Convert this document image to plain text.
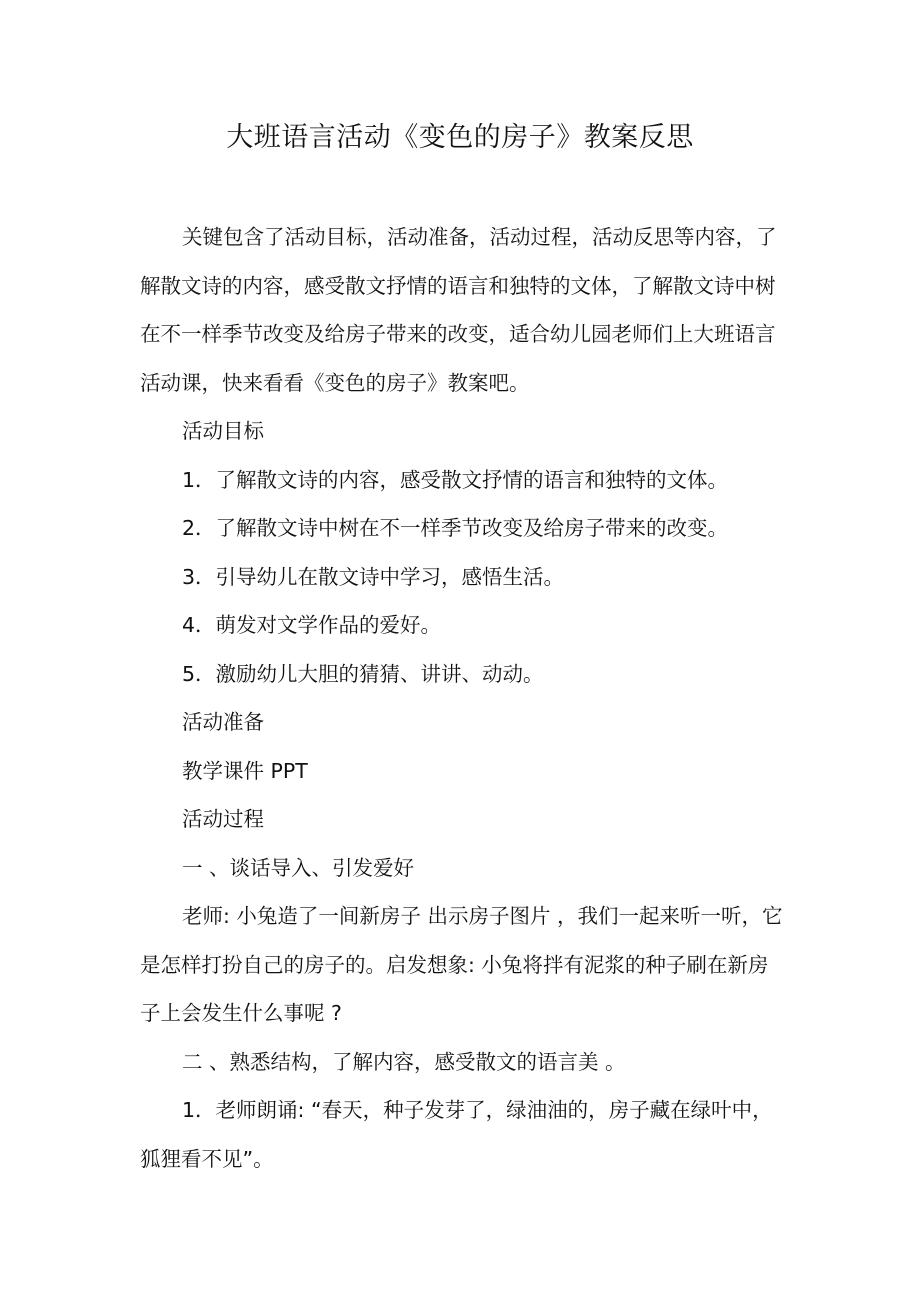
大班语言活动《变色的房子》教案反思

关键包含了活动目标，活动准备，活动过程，活动反思等内容，了解散文诗的内容，感受散文抒情的语言和独特的文体，了解散文诗中树在不一样季节改变及给房子带来的改变，适合幼儿园老师们上大班语言活动课，快来看看《变色的房子》教案吧。

活动目标

1．了解散文诗的内容，感受散文抒情的语言和独特的文体。

2．了解散文诗中树在不一样季节改变及给房子带来的改变。

3．引导幼儿在散文诗中学习，感悟生活。

4．萌发对文学作品的爱好。

5．激励幼儿大胆的猜猜、讲讲、动动。

活动准备

教学课件 PPT

活动过程

一 、谈话导入、引发爱好

老师: 小兔造了一间新房子 出示房子图片 ，我们一起来听一听，它是怎样打扮自己的房子的。启发想象: 小兔将拌有泥浆的种子刷在新房子上会发生什么事呢 ?

二 、熟悉结构，了解内容，感受散文的语言美 。

1．老师朗诵: “春天，种子发芽了，绿油油的，房子藏在绿叶中，狐狸看不见”。
